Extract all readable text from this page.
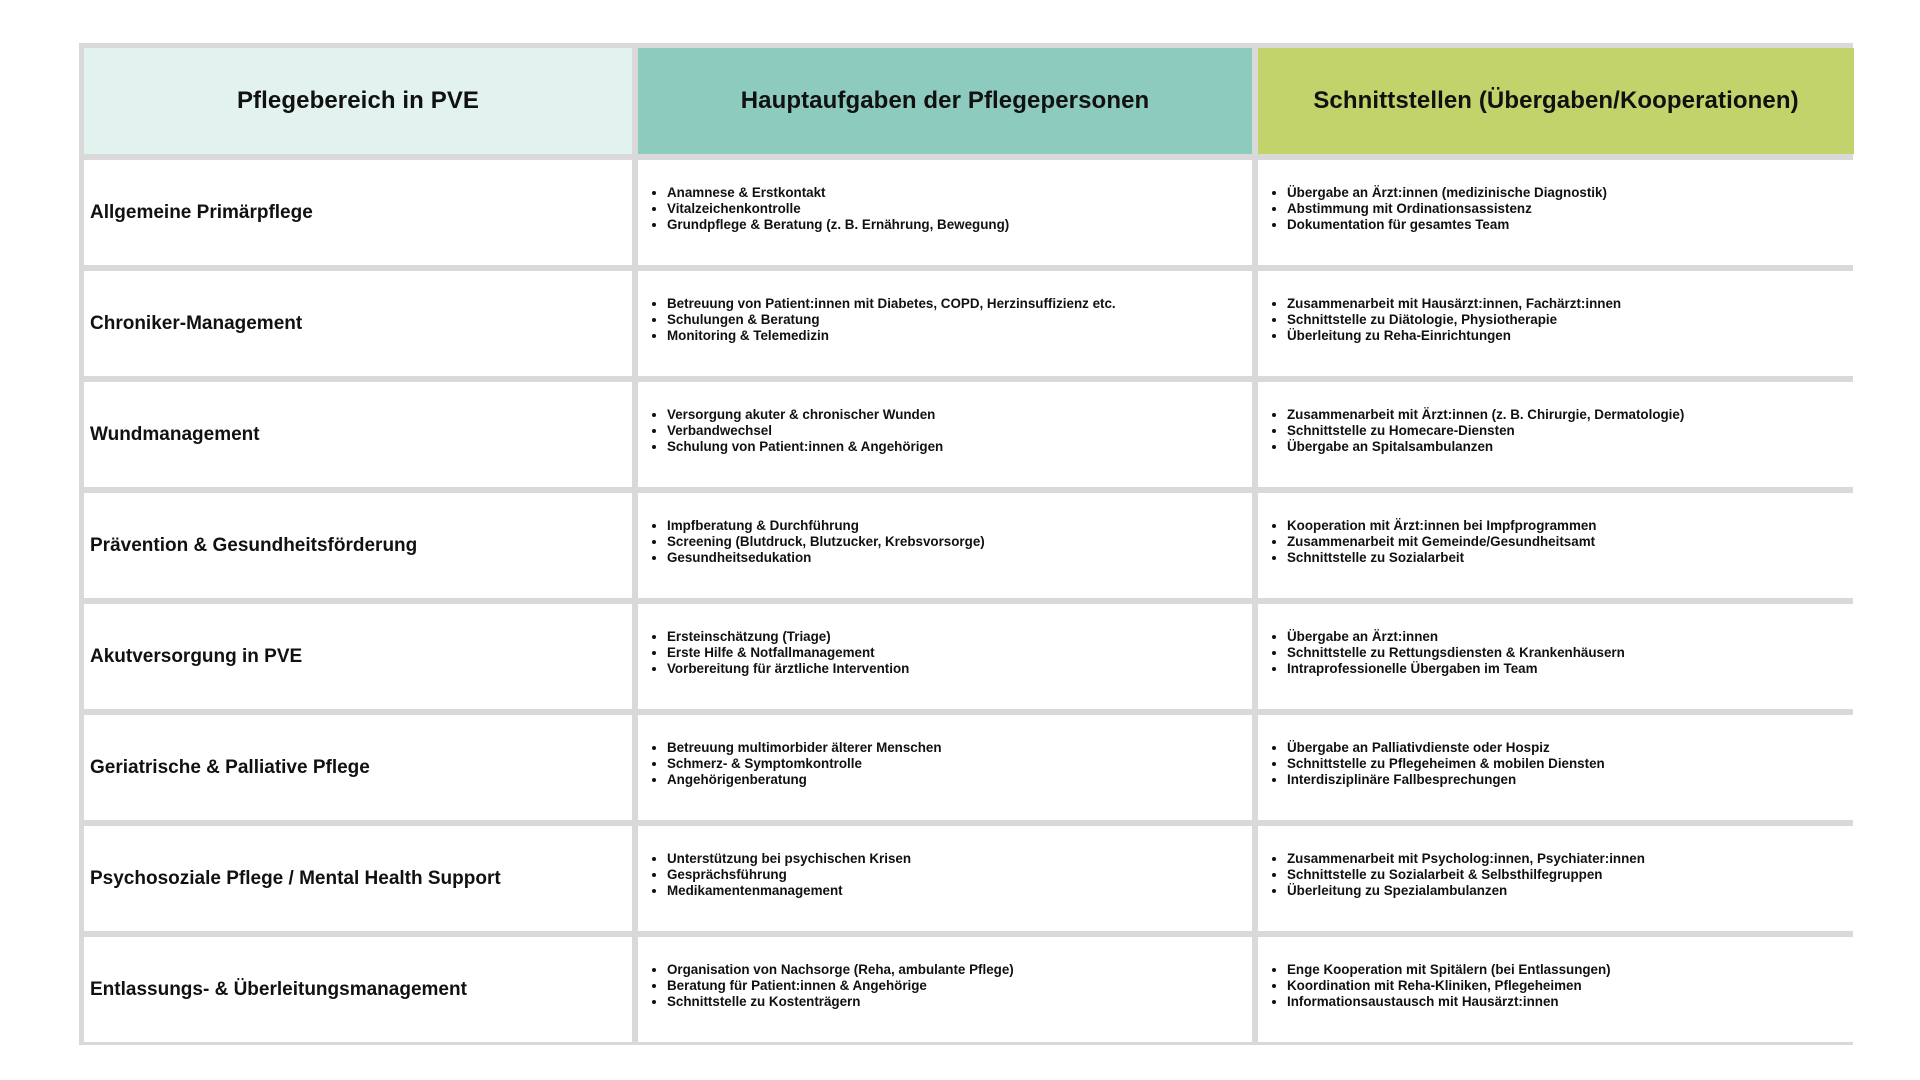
Pflegebereich in PVE	Hauptaufgaben der Pflegepersonen	Schnittstellen (Übergaben/Kooperationen)
Allgemeine Primärpflege
• Anamnese & Erstkontakt
• Vitalzeichenkontrolle
• Grundpflege & Beratung (z. B. Ernährung, Bewegung)
• Übergabe an Ärzt:innen (medizinische Diagnostik)
• Abstimmung mit Ordinationsassistenz
• Dokumentation für gesamtes Team
Chroniker-Management
• Betreuung von Patient:innen mit Diabetes, COPD, Herzinsuffizienz etc.
• Schulungen & Beratung
• Monitoring & Telemedizin
• Zusammenarbeit mit Hausärzt:innen, Fachärzt:innen
• Schnittstelle zu Diätologie, Physiotherapie
• Überleitung zu Reha-Einrichtungen
Wundmanagement
• Versorgung akuter & chronischer Wunden
• Verbandwechsel
• Schulung von Patient:innen & Angehörigen
• Zusammenarbeit mit Ärzt:innen (z. B. Chirurgie, Dermatologie)
• Schnittstelle zu Homecare-Diensten
• Übergabe an Spitalsambulanzen
Prävention & Gesundheitsförderung
• Impfberatung & Durchführung
• Screening (Blutdruck, Blutzucker, Krebsvorsorge)
• Gesundheitsedukation
• Kooperation mit Ärzt:innen bei Impfprogrammen
• Zusammenarbeit mit Gemeinde/Gesundheitsamt
• Schnittstelle zu Sozialarbeit
Akutversorgung in PVE
• Ersteinschätzung (Triage)
• Erste Hilfe & Notfallmanagement
• Vorbereitung für ärztliche Intervention
• Übergabe an Ärzt:innen
• Schnittstelle zu Rettungsdiensten & Krankenhäusern
• Intraprofessionelle Übergaben im Team
Geriatrische & Palliative Pflege
• Betreuung multimorbider älterer Menschen
• Schmerz- & Symptomkontrolle
• Angehörigenberatung
• Übergabe an Palliativdienste oder Hospiz
• Schnittstelle zu Pflegeheimen & mobilen Diensten
• Interdisziplinäre Fallbesprechungen
Psychosoziale Pflege / Mental Health Support
• Unterstützung bei psychischen Krisen
• Gesprächsführung
• Medikamentenmanagement
• Zusammenarbeit mit Psycholog:innen, Psychiater:innen
• Schnittstelle zu Sozialarbeit & Selbsthilfegruppen
• Überleitung zu Spezialambulanzen
Entlassungs- & Überleitungsmanagement
• Organisation von Nachsorge (Reha, ambulante Pflege)
• Beratung für Patient:innen & Angehörige
• Schnittstelle zu Kostenträgern
• Enge Kooperation mit Spitälern (bei Entlassungen)
• Koordination mit Reha-Kliniken, Pflegeheimen
• Informationsaustausch mit Hausärzt:innen
